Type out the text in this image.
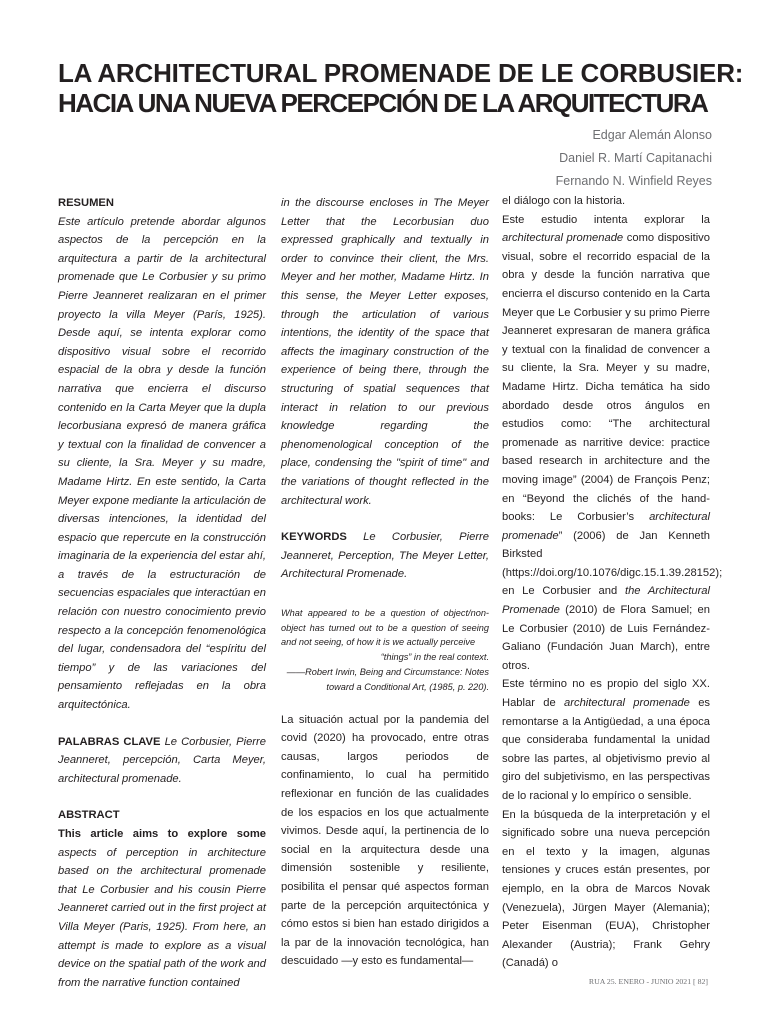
LA ARCHITECTURAL PROMENADE DE LE CORBUSIER:
HACIA UNA NUEVA PERCEPCIÓN DE LA ARQUITECTURA
Edgar Alemán Alonso
Daniel R. Martí Capitanachi
Fernando N. Winfield Reyes
RESUMEN
Este artículo pretende abordar algunos aspectos de la percepción en la arquitectura a partir de la architectural promenade que Le Corbusier y su primo Pierre Jeanneret realizaran en el primer proyecto la villa Meyer (París, 1925). Desde aquí, se intenta explorar como dispositivo visual sobre el recorrido espacial de la obra y desde la función narrativa que encierra el discurso contenido en la Carta Meyer que la dupla lecorbusiana expresó de manera gráfica y textual con la finalidad de convencer a su cliente, la Sra. Meyer y su madre, Madame Hirtz. En este sentido, la Carta Meyer expone mediante la articulación de diversas intenciones, la identidad del espacio que repercute en la construcción imaginaria de la experiencia del estar ahí, a través de la estructuración de secuencias espaciales que interactúan en relación con nuestro conocimiento previo respecto a la concepción fenomenológica del lugar, condensadora del “espíritu del tiempo” y de las variaciones del pensamiento reflejadas en la obra arquitectónica.
PALABRAS CLAVE Le Corbusier, Pierre Jeanneret, percepción, Carta Meyer, architectural promenade.
ABSTRACT
This article aims to explore some aspects of perception in architecture based on the architectural promenade that Le Corbusier and his cousin Pierre Jeanneret carried out in the first project at Villa Meyer (Paris, 1925). From here, an attempt is made to explore as a visual device on the spatial path of the work and from the narrative function contained
in the discourse encloses in The Meyer Letter that the Lecorbusian duo expressed graphically and textually in order to convince their client, the Mrs. Meyer and her mother, Madame Hirtz. In this sense, the Meyer Letter exposes, through the articulation of various intentions, the identity of the space that affects the imaginary construction of the experience of being there, through the structuring of spatial sequences that interact in relation to our previous knowledge regarding the phenomenological conception of the place, condensing the "spirit of time" and the variations of thought reflected in the architectural work.
KEYWORDS Le Corbusier, Pierre Jeanneret, Perception, The Meyer Letter, Architectural Promenade.
What appeared to be a question of object/non-object has turned out to be a question of seeing and not seeing, of how it is we actually perceive
“things” in the real context.
——Robert Irwin, Being and Circumstance: Notes toward a Conditional Art, (1985, p. 220).
La situación actual por la pandemia del covid (2020) ha provocado, entre otras causas, largos periodos de confinamiento, lo cual ha permitido reflexionar en función de las cualidades de los espacios en los que actualmente vivimos. Desde aquí, la pertinencia de lo social en la arquitectura desde una dimensión sostenible y resiliente, posibilita el pensar qué aspectos forman parte de la percepción arquitectónica y cómo estos si bien han estado dirigidos a la par de la innovación tecnológica, han descuidado —y esto es fundamental—
el diálogo con la historia.
Este estudio intenta explorar la architectural promenade como dispositivo visual, sobre el recorrido espacial de la obra y desde la función narrativa que encierra el discurso contenido en la Carta Meyer que Le Corbusier y su primo Pierre Jeanneret expresaran de manera gráfica y textual con la finalidad de convencer a su cliente, la Sra. Meyer y su madre, Madame Hirtz. Dicha temática ha sido abordado desde otros ángulos en estudios como: “The architectural promenade as narritive device: practice based research in architecture and the moving image” (2004) de François Penz; en “Beyond the clichés of the hand-books: Le Corbusier’s architectural promenade” (2006) de Jan Kenneth Birksted (https://doi.org/10.1076/digc.15.1.39.28152); en Le Corbusier and the Architectural Promenade (2010) de Flora Samuel; en Le Corbusier (2010) de Luis Fernández-Galiano (Fundación Juan March), entre otros.
Este término no es propio del siglo XX. Hablar de architectural promenade es remontarse a la Antigüedad, a una época que consideraba fundamental la unidad sobre las partes, al objetivismo previo al giro del subjetivismo, en las perspectivas de lo racional y lo empírico o sensible.
En la búsqueda de la interpretación y el significado sobre una nueva percepción en el texto y la imagen, algunas tensiones y cruces están presentes, por ejemplo, en la obra de Marcos Novak (Venezuela), Jürgen Mayer (Alemania); Peter Eisenman (EUA), Christopher Alexander (Austria); Frank Gehry (Canadá) o
RUA 25. ENERO - JUNIO 2021 [ 82]
